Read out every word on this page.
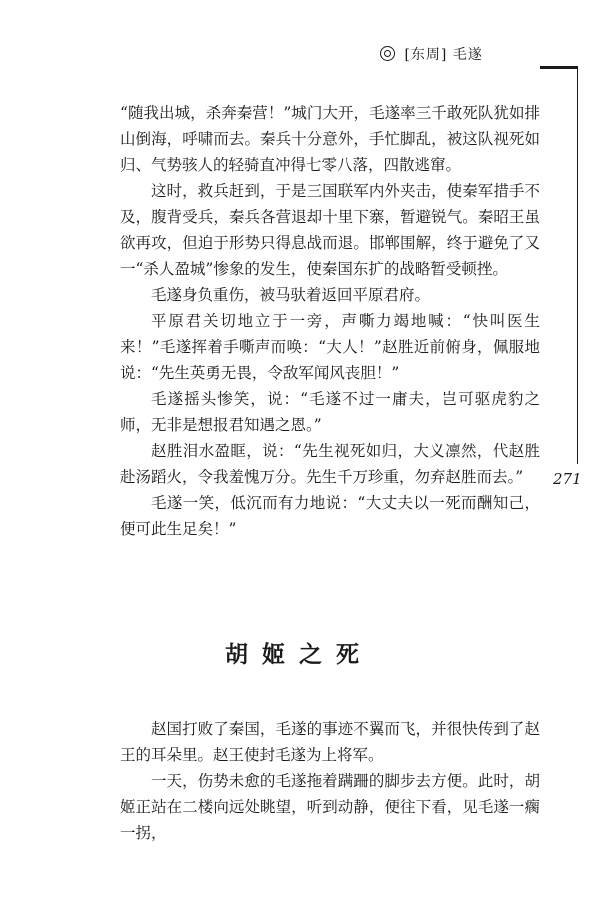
[东周] 毛遂
271

“随我出城，杀奔秦营！”城门大开，毛遂率三千敢死队犹如排山倒海，呼啸而去。秦兵十分意外，手忙脚乱，被这队视死如归、气势骇人的轻骑直冲得七零八落，四散逃窜。

这时，救兵赶到，于是三国联军内外夹击，使秦军措手不及，腹背受兵，秦兵各营退却十里下寨，暂避锐气。秦昭王虽欲再攻，但迫于形势只得息战而退。邯郸围解，终于避免了又一“杀人盈城”惨象的发生，使秦国东扩的战略暂受顿挫。

毛遂身负重伤，被马驮着返回平原君府。

平原君关切地立于一旁，声嘶力竭地喊：“快叫医生来！”毛遂挥着手嘶声而唤：“大人！”赵胜近前俯身，佩服地说：“先生英勇无畏，令敌军闻风丧胆！”

毛遂摇头惨笑，说：“毛遂不过一庸夫，岂可驱虎豹之师，无非是想报君知遇之恩。”

赵胜泪水盈眶，说：“先生视死如归，大义凛然，代赵胜赴汤蹈火，令我羞愧万分。先生千万珍重，勿弃赵胜而去。”

毛遂一笑，低沉而有力地说：“大丈夫以一死而酬知己，便可此生足矣！”

胡姬之死

赵国打败了秦国，毛遂的事迹不翼而飞，并很快传到了赵王的耳朵里。赵王使封毛遂为上将军。

一天，伤势未愈的毛遂拖着蹒跚的脚步去方便。此时，胡姬正站在二楼向远处眺望，听到动静，便往下看，见毛遂一瘸一拐，
